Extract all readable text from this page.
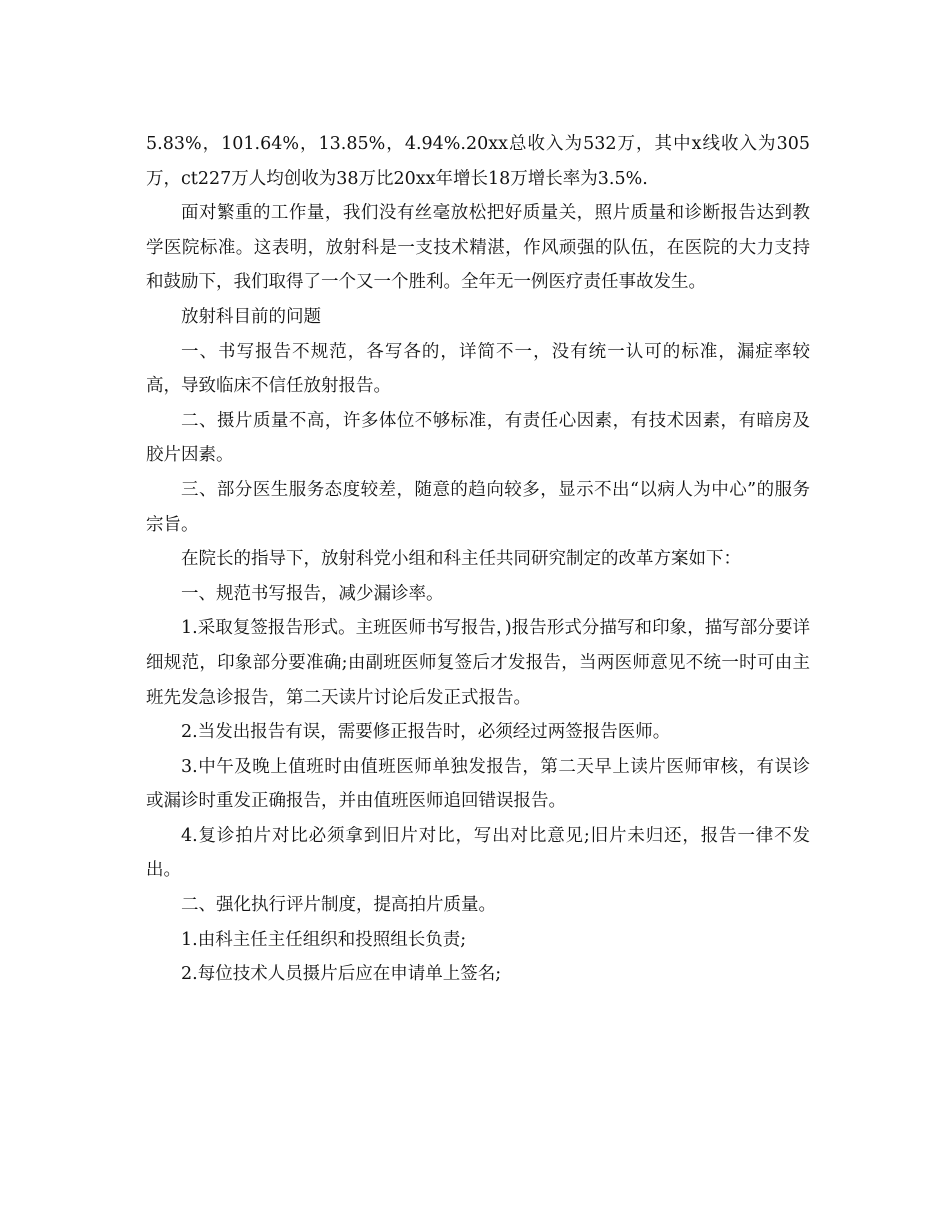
5.83%，101.64%，13.85%，4.94%.20xx总收入为532万，其中x线收入为305万，ct227万人均创收为38万比20xx年增长18万增长率为3.5%.

面对繁重的工作量，我们没有丝毫放松把好质量关，照片质量和诊断报告达到教学医院标准。这表明，放射科是一支技术精湛，作风顽强的队伍，在医院的大力支持和鼓励下，我们取得了一个又一个胜利。全年无一例医疗责任事故发生。

放射科目前的问题

一、书写报告不规范，各写各的，详简不一，没有统一认可的标准，漏症率较高，导致临床不信任放射报告。

二、摄片质量不高，许多体位不够标准，有责任心因素，有技术因素，有暗房及胶片因素。

三、部分医生服务态度较差，随意的趋向较多，显示不出“以病人为中心”的服务宗旨。

在院长的指导下，放射科党小组和科主任共同研究制定的改革方案如下：

一、规范书写报告，减少漏诊率。

1.采取复签报告形式。主班医师书写报告，)报告形式分描写和印象，描写部分要详细规范，印象部分要准确;由副班医师复签后才发报告，当两医师意见不统一时可由主班先发急诊报告，第二天读片讨论后发正式报告。

2.当发出报告有误，需要修正报告时，必须经过两签报告医师。

3.中午及晚上值班时由值班医师单独发报告，第二天早上读片医师审核，有误诊或漏诊时重发正确报告，并由值班医师追回错误报告。

4.复诊拍片对比必须拿到旧片对比，写出对比意见;旧片未归还，报告一律不发出。

二、强化执行评片制度，提高拍片质量。

1.由科主任主任组织和投照组长负责;

2.每位技术人员摄片后应在申请单上签名;
